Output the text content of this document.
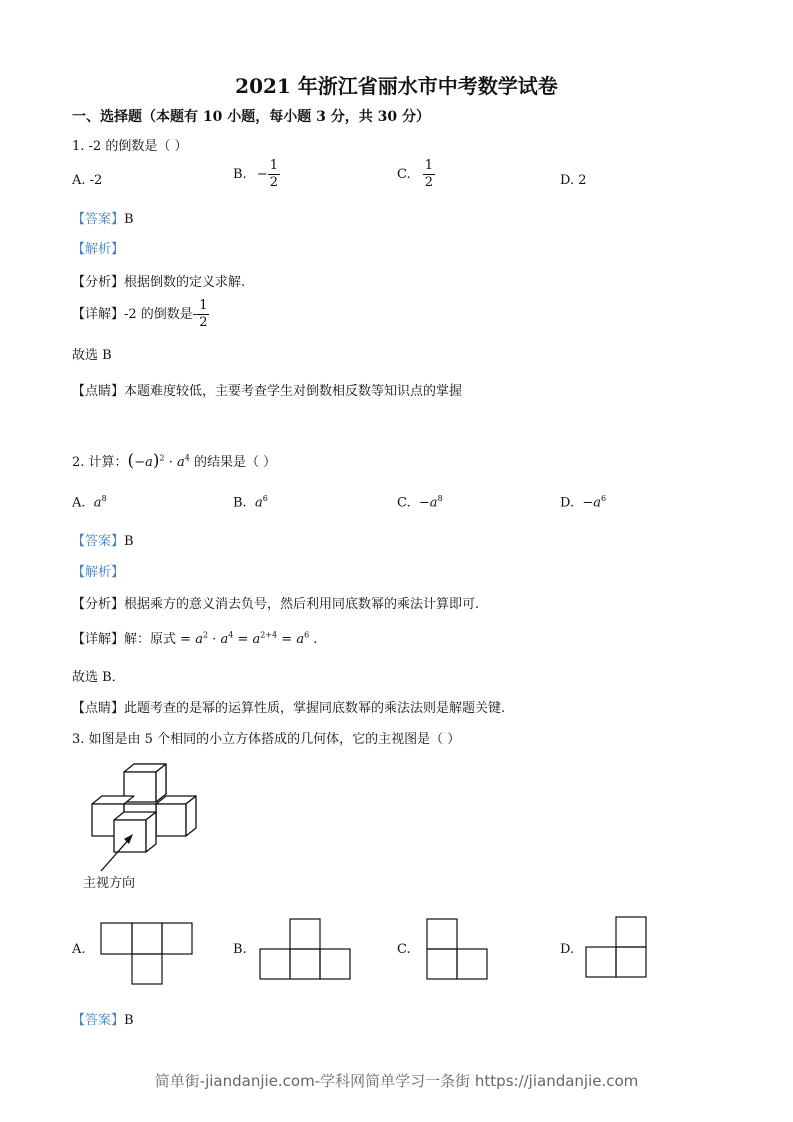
2021 年浙江省丽水市中考数学试卷
一、选择题（本题有 10 小题，每小题 3 分，共 30 分）
1. -2 的倒数是（ ）
A. -2	B. − $\frac{1}{2}$	C. $\frac{1}{2}$	D. 2
【答案】B
【解析】
【分析】根据倒数的定义求解.
【详解】-2 的倒数是- $\frac{1}{2}$
故选 B
【点睛】本题难度较低，主要考查学生对倒数相反数等知识点的掌握
2. 计算：$(-a)^2 \cdot a^4$ 的结果是（ ）
A. $a^8$	B. $a^6$	C.  $-a^8$	D.  $-a^6$
【答案】B
【解析】
【分析】根据乘方的意义消去负号，然后利用同底数幂的乘法计算即可.
【详解】解：原式 = $a^2 \cdot a^4 = a^{2+4} = a^6$ .
故选 B．
【点睛】此题考查的是幂的运算性质，掌握同底数幂的乘法法则是解题关键.
3. 如图是由 5 个相同的小立方体搭成的几何体，它的主视图是（ ）
主视方向
A.	B.	C.	D.
【答案】B
简单街-jiandanjie.com-学科网简单学习一条街 https://jiandanjie.com
